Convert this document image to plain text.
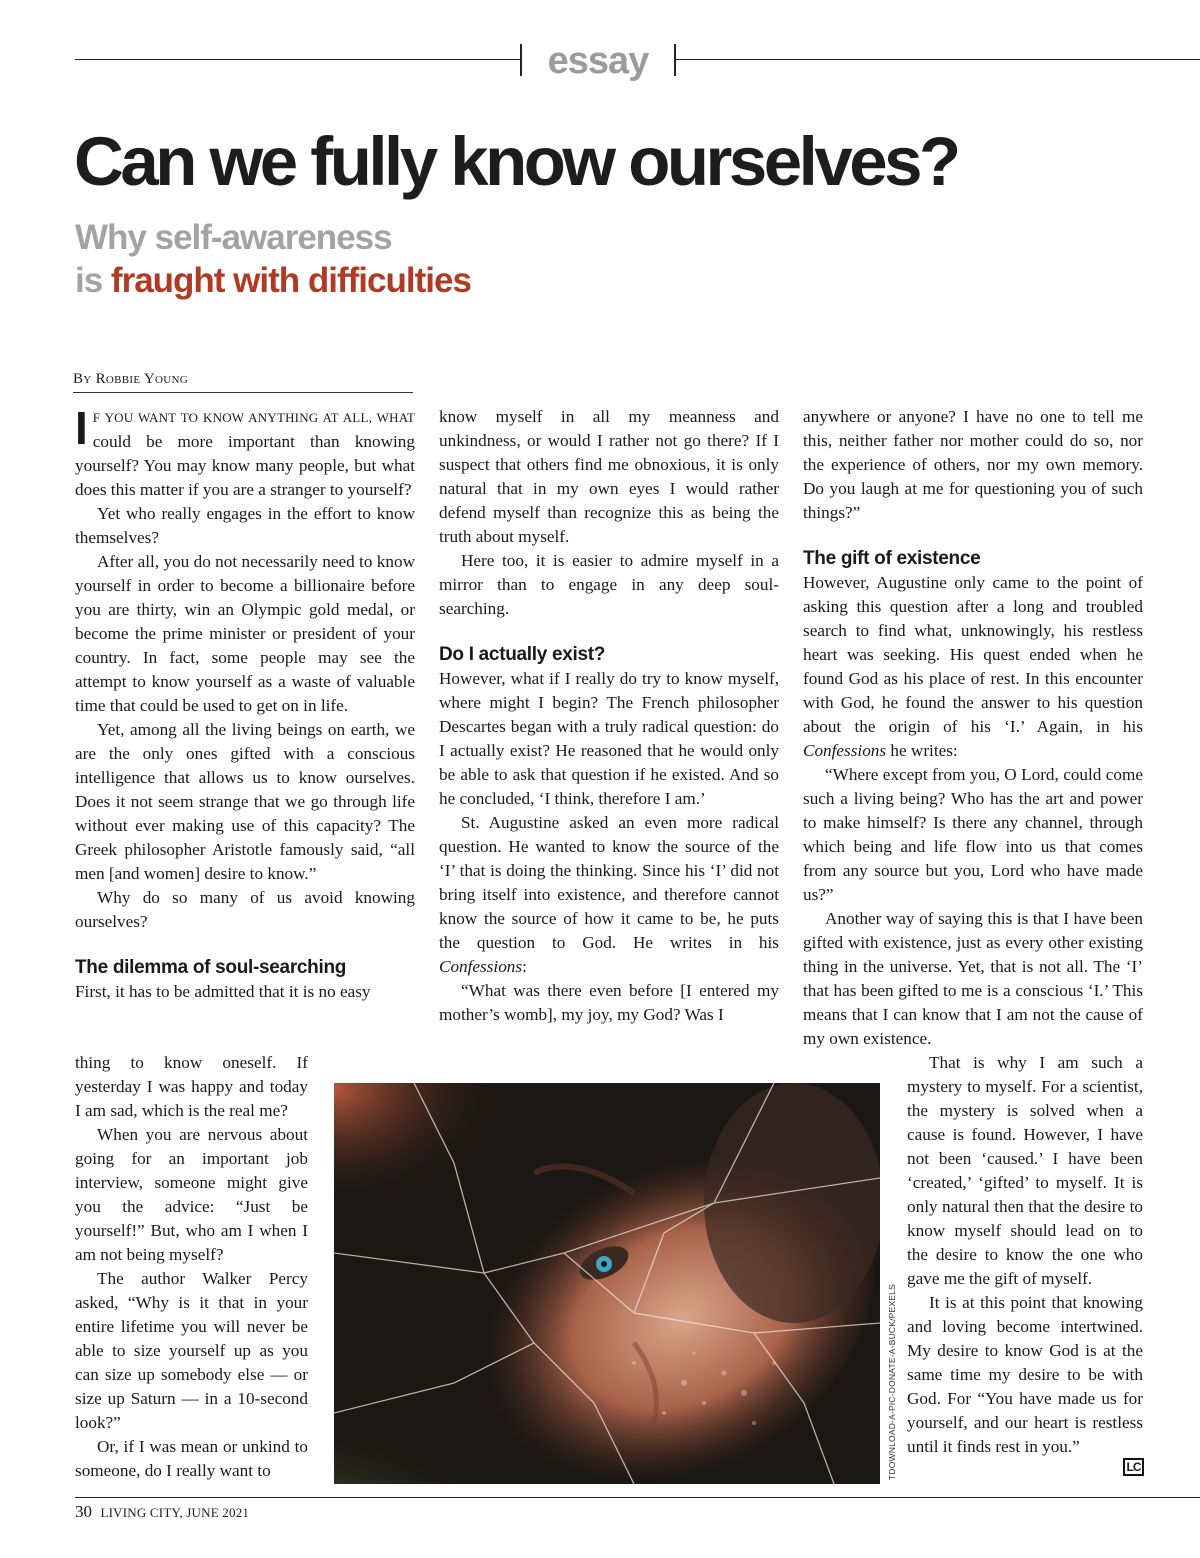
essay
Can we fully know ourselves?
Why self-awareness
is fraught with difficulties
By Robbie Young

I F YOU WANT TO KNOW ANYTHING AT ALL, WHAT could be more important than knowing yourself? You may know many people, but what does this matter if you are a stranger to yourself?

Yet who really engages in the effort to know themselves?

After all, you do not necessarily need to know yourself in order to become a billionaire before you are thirty, win an Olympic gold medal, or become the prime minister or president of your country. In fact, some people may see the attempt to know yourself as a waste of valuable time that could be used to get on in life.

Yet, among all the living beings on earth, we are the only ones gifted with a conscious intelligence that allows us to know ourselves. Does it not seem strange that we go through life without ever making use of this capacity? The Greek philosopher Aristotle famously said, “all men [and women] desire to know.”

Why do so many of us avoid knowing ourselves?

The dilemma of soul-searching

First, it has to be admitted that it is no easy

thing to know oneself. If yesterday I was happy and today I am sad, which is the real me?

When you are nervous about going for an important job interview, someone might give you the advice: “Just be yourself!” But, who am I when I am not being myself?

The author Walker Percy asked, “Why is it that in your entire lifetime you will never be able to size yourself up as you can size up somebody else — or size up Saturn — in a 10-second look?”

Or, if I was mean or unkind to someone, do I really want to

know myself in all my meanness and unkindness, or would I rather not go there? If I suspect that others find me obnoxious, it is only natural that in my own eyes I would rather defend myself than recognize this as being the truth about myself.

Here too, it is easier to admire myself in a mirror than to engage in any deep soul-searching.

Do I actually exist?

However, what if I really do try to know myself, where might I begin? The French philosopher Descartes began with a truly radical question: do I actually exist? He reasoned that he would only be able to ask that question if he existed. And so he concluded, ‘I think, therefore I am.’

St. Augustine asked an even more radical question. He wanted to know the source of the ‘I’ that is doing the thinking. Since his ‘I’ did not bring itself into existence, and therefore cannot know the source of how it came to be, he puts the question to God. He writes in his Confessions:

“What was there even before [I entered my mother’s womb], my joy, my God? Was I

anywhere or anyone? I have no one to tell me this, neither father nor mother could do so, nor the experience of others, nor my own memory. Do you laugh at me for questioning you of such things?”

The gift of existence

However, Augustine only came to the point of asking this question after a long and troubled search to find what, unknowingly, his restless heart was seeking. His quest ended when he found God as his place of rest. In this encounter with God, he found the answer to his question about the origin of his ‘I.’ Again, in his Confessions he writes:

“Where except from you, O Lord, could come such a living being? Who has the art and power to make himself? Is there any channel, through which being and life flow into us that comes from any source but you, Lord who have made us?”

Another way of saying this is that I have been gifted with existence, just as every other existing thing in the universe. Yet, that is not all. The ‘I’ that has been gifted to me is a conscious ‘I.’ This means that I can know that I am not the cause of my own existence.

That is why I am such a mystery to myself. For a scientist, the mystery is solved when a cause is found. However, I have not been ‘caused.’ I have been ‘created,’ ‘gifted’ to myself. It is only natural then that the desire to know myself should lead on to the desire to know the one who gave me the gift of myself.

It is at this point that knowing and loving become intertwined. My desire to know God is at the same time my desire to be with God. For “You have made us for yourself, and our heart is restless until it finds rest in you.”

TDOWNLOAD-A-PIC-DONATE-A-BUCK/PEXELS	LC
30 LIVING CITY, JUNE 2021
